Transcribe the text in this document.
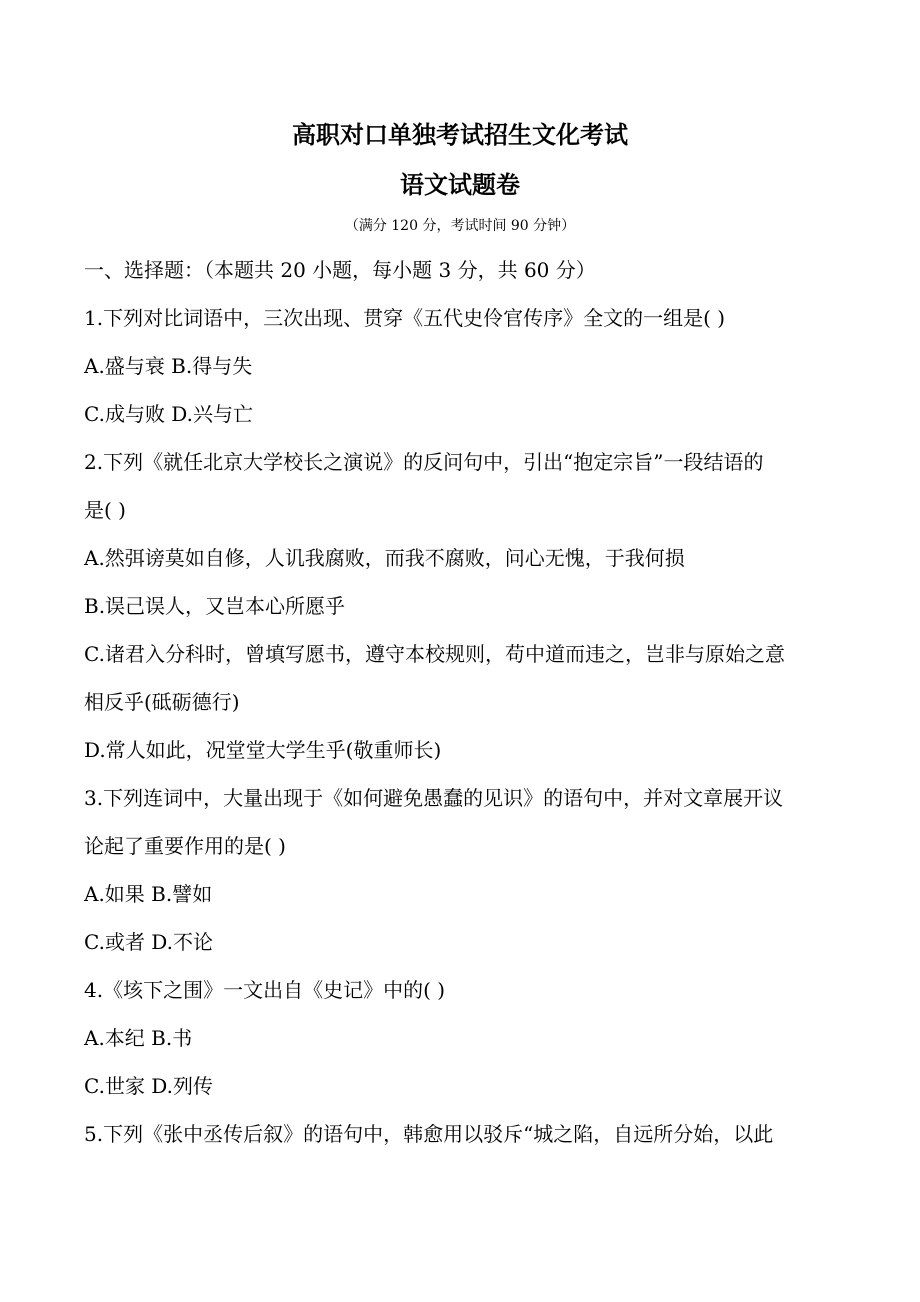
高职对口单独考试招生文化考试
语文试题卷
（满分 120 分，考试时间 90 分钟）
一、选择题：（本题共 20 小题，每小题 3 分，共 60 分）
1.下列对比词语中，三次出现、贯穿《五代史伶官传序》全文的一组是( )
A.盛与衰 B.得与失
C.成与败 D.兴与亡
2.下列《就任北京大学校长之演说》的反问句中，引出“抱定宗旨”一段结语的
是( )
A.然弭谤莫如自修，人讥我腐败，而我不腐败，问心无愧，于我何损
B.误己误人，又岂本心所愿乎
C.诸君入分科时，曾填写愿书，遵守本校规则，苟中道而违之，岂非与原始之意
相反乎(砥砺德行)
D.常人如此，况堂堂大学生乎(敬重师长)
3.下列连词中，大量出现于《如何避免愚蠢的见识》的语句中，并对文章展开议
论起了重要作用的是( )
A.如果 B.譬如
C.或者 D.不论
4.《垓下之围》一文出自《史记》中的( )
A.本纪 B.书
C.世家 D.列传
5.下列《张中丞传后叙》的语句中，韩愈用以驳斥“城之陷，自远所分始，以此
